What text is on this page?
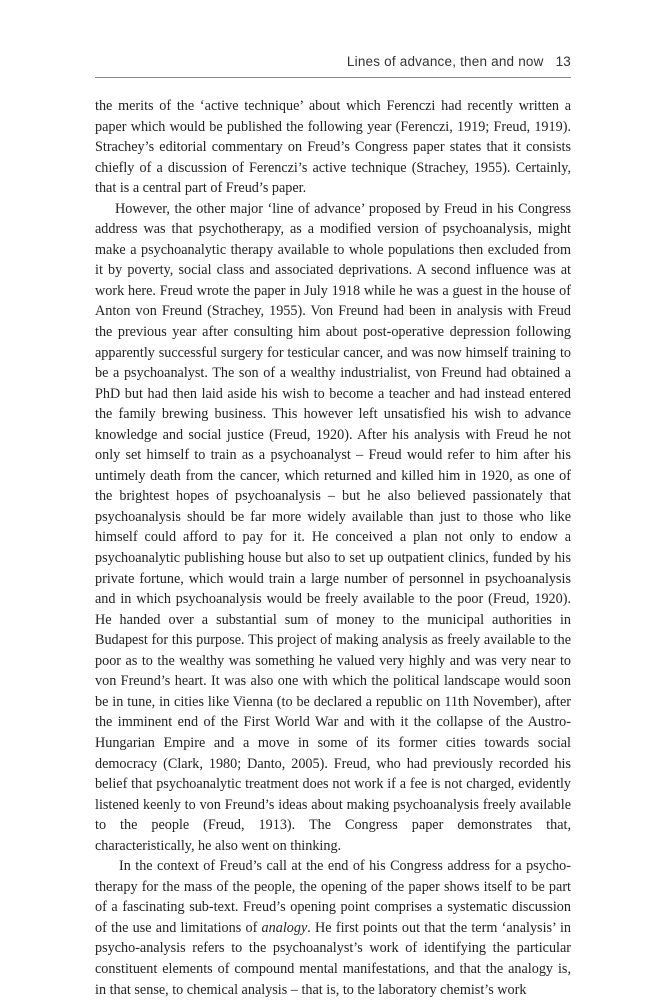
Lines of advance, then and now 13

the merits of the ‘active technique’ about which Ferenczi had recently written a paper which would be published the following year (Ferenczi, 1919; Freud, 1919). Strachey’s editorial commentary on Freud’s Congress paper states that it consists chiefly of a discussion of Ferenczi’s active technique (Strachey, 1955). Certainly, that is a central part of Freud’s paper.

However, the other major ‘line of advance’ proposed by Freud in his Congress address was that psychotherapy, as a modified version of psychoanalysis, might make a psychoanalytic therapy available to whole populations then excluded from it by poverty, social class and associated deprivations. A second influence was at work here. Freud wrote the paper in July 1918 while he was a guest in the house of Anton von Freund (Strachey, 1955). Von Freund had been in analysis with Freud the previous year after consulting him about post-operative depression following apparently successful surgery for testicular cancer, and was now himself training to be a psychoanalyst. The son of a wealthy industrialist, von Freund had obtained a PhD but had then laid aside his wish to become a teacher and had instead entered the family brewing business. This however left unsatisfied his wish to advance knowledge and social justice (Freud, 1920). After his analysis with Freud he not only set himself to train as a psychoanalyst – Freud would refer to him after his untimely death from the cancer, which returned and killed him in 1920, as one of the brightest hopes of psychoanalysis – but he also believed passionately that psychoanalysis should be far more widely available than just to those who like himself could afford to pay for it. He conceived a plan not only to endow a psychoanalytic publishing house but also to set up outpatient clinics, funded by his private fortune, which would train a large number of personnel in psychoanalysis and in which psychoanalysis would be freely available to the poor (Freud, 1920). He handed over a substantial sum of money to the municipal authorities in Budapest for this purpose. This project of making analysis as freely available to the poor as to the wealthy was something he valued very highly and was very near to von Freund’s heart. It was also one with which the political landscape would soon be in tune, in cities like Vienna (to be declared a republic on 11th November), after the imminent end of the First World War and with it the collapse of the Austro-Hungarian Empire and a move in some of its former cities towards social democracy (Clark, 1980; Danto, 2005). Freud, who had previously recorded his belief that psychoanalytic treatment does not work if a fee is not charged, evidently listened keenly to von Freund’s ideas about making psychoanalysis freely available to the people (Freud, 1913). The Congress paper demonstrates that, characteristically, he also went on thinking.

In the context of Freud’s call at the end of his Congress address for a psychotherapy for the mass of the people, the opening of the paper shows itself to be part of a fascinating sub-text. Freud’s opening point comprises a systematic discussion of the use and limitations of analogy. He first points out that the term ‘analysis’ in psycho-analysis refers to the psychoanalyst’s work of identifying the particular constituent elements of compound mental manifestations, and that the analogy is, in that sense, to chemical analysis – that is, to the laboratory chemist’s work
